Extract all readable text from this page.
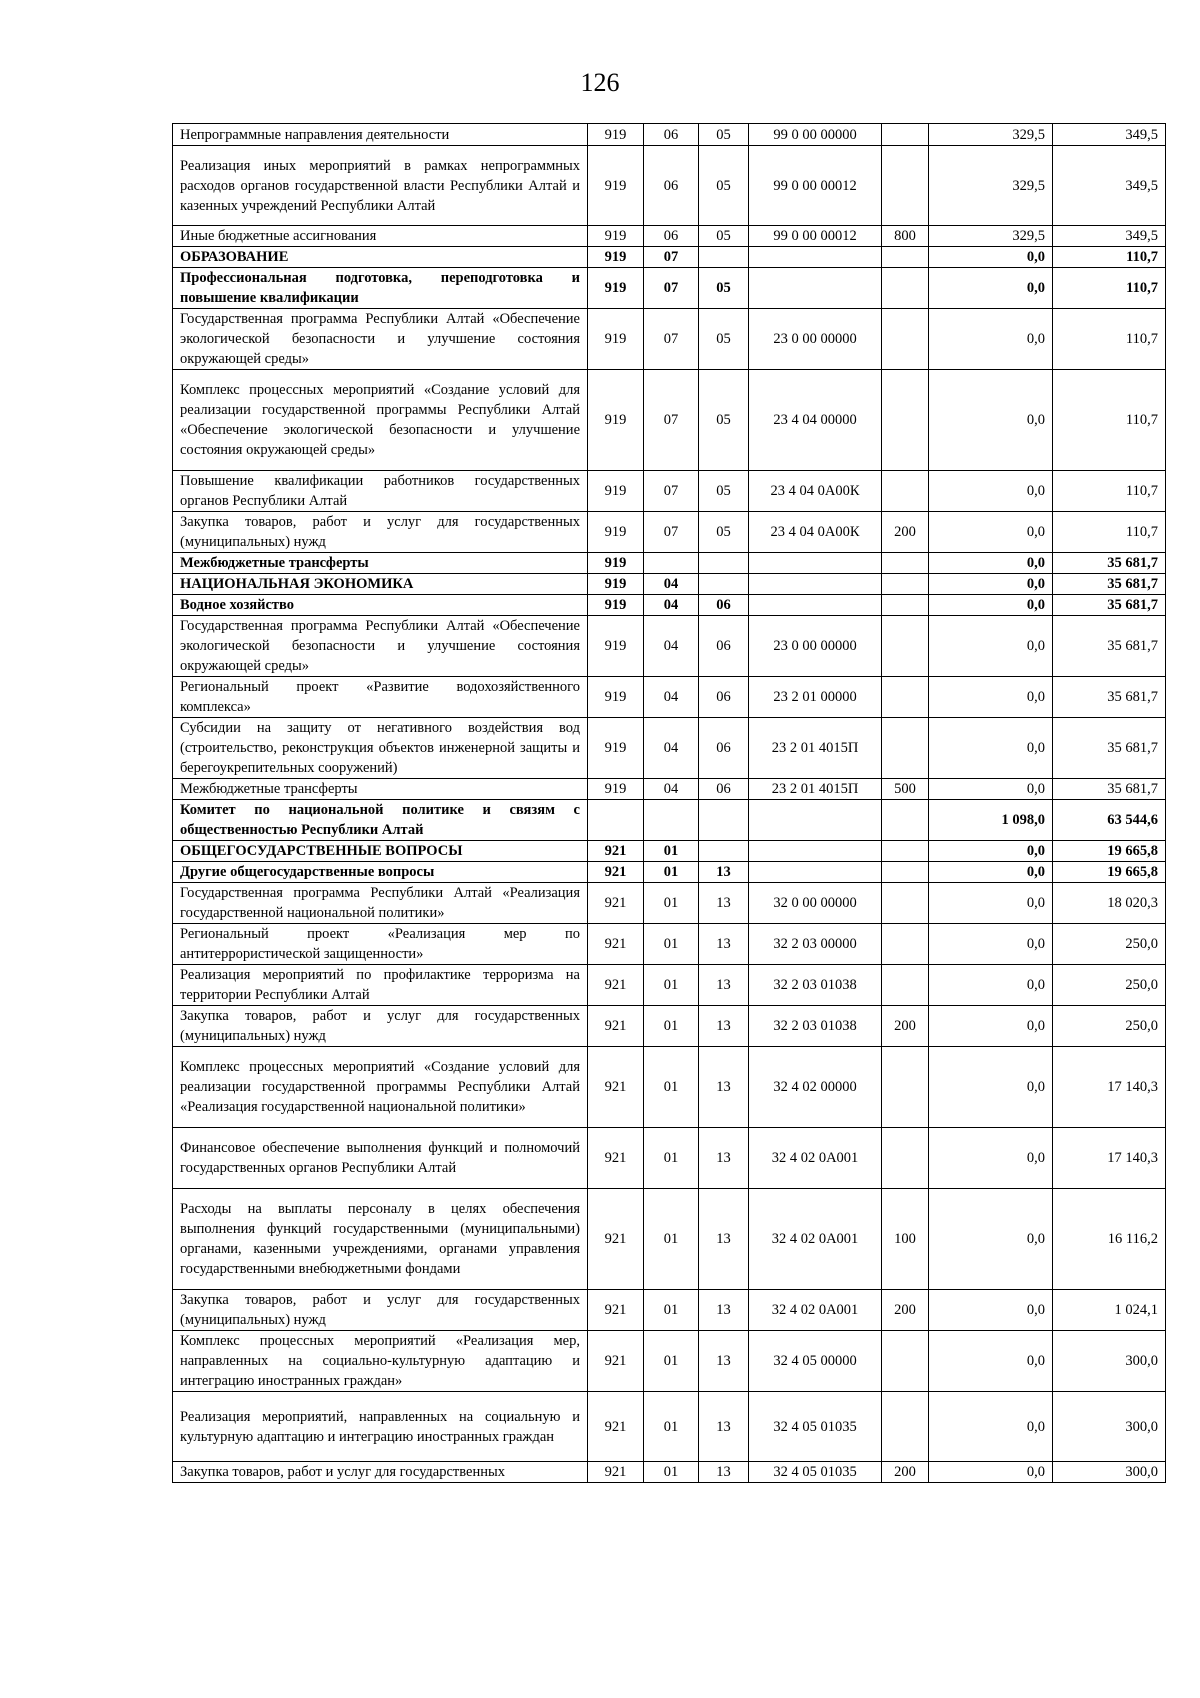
126
Непрограммные направления деятельности	919	06	05	99 0 00 00000		329,5	349,5
Реализация иных мероприятий в рамках непрограммных расходов органов государственной власти Республики Алтай и казенных учреждений Республики Алтай	919	06	05	99 0 00 00012		329,5	349,5
Иные бюджетные ассигнования	919	06	05	99 0 00 00012	800	329,5	349,5
ОБРАЗОВАНИЕ	919	07				0,0	110,7
Профессиональная подготовка, переподготовка и повышение квалификации	919	07	05			0,0	110,7
Государственная программа Республики Алтай «Обеспечение экологической безопасности и улучшение состояния окружающей среды»	919	07	05	23 0 00 00000		0,0	110,7
Комплекс процессных мероприятий «Создание условий для реализации государственной программы Республики Алтай «Обеспечение экологической безопасности и улучшение состояния окружающей среды»	919	07	05	23 4 04 00000		0,0	110,7
Повышение квалификации работников государственных органов Республики Алтай	919	07	05	23 4 04 0А00К		0,0	110,7
Закупка товаров, работ и услуг для государственных (муниципальных) нужд	919	07	05	23 4 04 0А00К	200	0,0	110,7
Межбюджетные трансферты	919					0,0	35 681,7
НАЦИОНАЛЬНАЯ ЭКОНОМИКА	919	04				0,0	35 681,7
Водное хозяйство	919	04	06			0,0	35 681,7
Государственная программа Республики Алтай «Обеспечение экологической безопасности и улучшение состояния окружающей среды»	919	04	06	23 0 00 00000		0,0	35 681,7
Региональный проект «Развитие водохозяйственного комплекса»	919	04	06	23 2 01 00000		0,0	35 681,7
Субсидии на защиту от негативного воздействия вод (строительство, реконструкция объектов инженерной защиты и берегоукрепительных сооружений)	919	04	06	23 2 01 4015П		0,0	35 681,7
Межбюджетные трансферты	919	04	06	23 2 01 4015П	500	0,0	35 681,7
Комитет по национальной политике и связям с общественностью Республики Алтай						1 098,0	63 544,6
ОБЩЕГОСУДАРСТВЕННЫЕ ВОПРОСЫ	921	01				0,0	19 665,8
Другие общегосударственные вопросы	921	01	13			0,0	19 665,8
Государственная программа Республики Алтай «Реализация государственной национальной политики»	921	01	13	32 0 00 00000		0,0	18 020,3
Региональный проект «Реализация мер по антитеррористической защищенности»	921	01	13	32 2 03 00000		0,0	250,0
Реализация мероприятий по профилактике терроризма на территории Республики Алтай	921	01	13	32 2 03 01038		0,0	250,0
Закупка товаров, работ и услуг для государственных (муниципальных) нужд	921	01	13	32 2 03 01038	200	0,0	250,0
Комплекс процессных мероприятий «Создание условий для реализации государственной программы Республики Алтай «Реализация государственной национальной политики»	921	01	13	32 4 02 00000		0,0	17 140,3
Финансовое обеспечение выполнения функций и полномочий государственных органов Республики Алтай	921	01	13	32 4 02 0А001		0,0	17 140,3
Расходы на выплаты персоналу в целях обеспечения выполнения функций государственными (муниципальными) органами, казенными учреждениями, органами управления государственными внебюджетными фондами	921	01	13	32 4 02 0А001	100	0,0	16 116,2
Закупка товаров, работ и услуг для государственных (муниципальных) нужд	921	01	13	32 4 02 0А001	200	0,0	1 024,1
Комплекс процессных мероприятий «Реализация мер, направленных на социально-культурную адаптацию и интеграцию иностранных граждан»	921	01	13	32 4 05 00000		0,0	300,0
Реализация мероприятий, направленных на социальную и культурную адаптацию и интеграцию иностранных граждан	921	01	13	32 4 05 01035		0,0	300,0
Закупка товаров, работ и услуг для государственных	921	01	13	32 4 05 01035	200	0,0	300,0
